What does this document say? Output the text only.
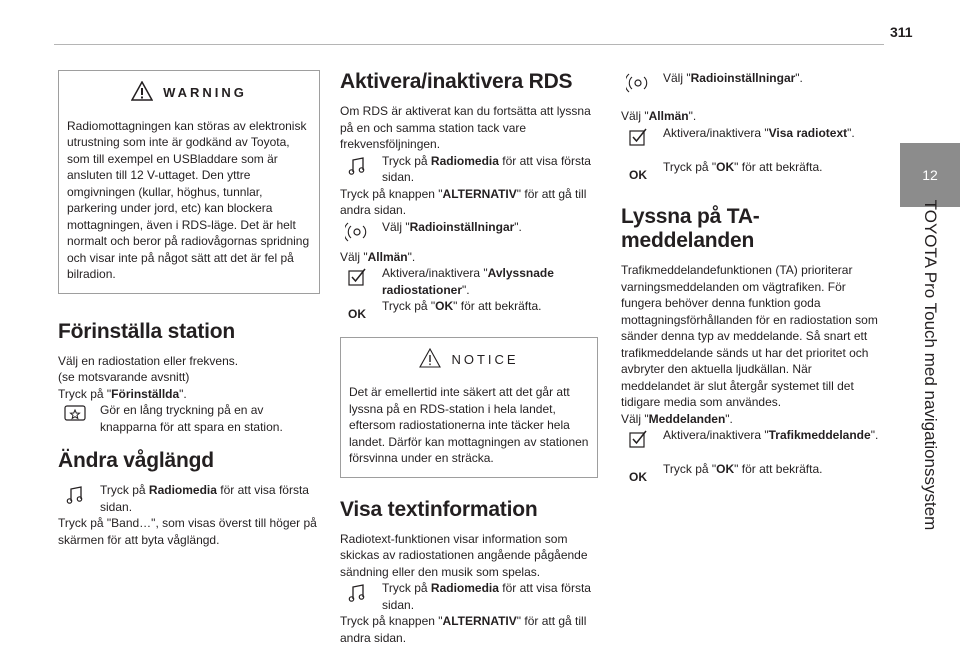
311
12
TOYOTA Pro Touch med navigationssystem
WARNING

Radiomottagningen kan störas av elektronisk utrustning som inte är godkänd av Toyota, som till exempel en USBladdare som är ansluten till 12 V-uttaget. Den yttre omgivningen (kullar, höghus, tunnlar, parkering under jord, etc) kan blockera mottagningen, även i RDS-läge. Det är helt normalt och beror på radiovågornas spridning och visar inte på något sätt att det är fel på bilradion.

Förinställa station

Välj en radiostation eller frekvens.

(se motsvarande avsnitt)

Tryck på "Förinställda".

Gör en lång tryckning på en av knapparna för att spara en station.
Ändra våglängd
Tryck på Radiomedia för att visa första sidan.

Tryck på "Band…", som visas överst till höger på skärmen för att byta våglängd.

Aktivera/inaktivera RDS

Om RDS är aktiverat kan du fortsätta att lyssna på en och samma station tack vare frekvensföljningen.

Tryck på Radiomedia för att visa första sidan.

Tryck på knappen "ALTERNATIV" för att gå till andra sidan.

Välj "Radioinställningar".

Välj "Allmän".

Aktivera/inaktivera "Avlyssnade radiostationer".
OK
Tryck på "OK" för att bekräfta.
NOTICE

Det är emellertid inte säkert att det går att lyssna på en RDS-station i hela landet, eftersom radiostationerna inte täcker hela landet. Därför kan mottagningen av stationen försvinna under en sträcka.

Visa textinformation

Radiotext-funktionen visar information som skickas av radiostationen angående pågående sändning eller den musik som spelas.

Tryck på Radiomedia för att visa första sidan.

Tryck på knappen "ALTERNATIV" för att gå till andra sidan.

Välj "Radioinställningar".

Välj "Allmän".

Aktivera/inaktivera "Visa radiotext".
OK
Tryck på "OK" för att bekräfta.
Lyssna på TA-meddelanden

Trafikmeddelandefunktionen (TA) prioriterar varningsmeddelanden om vägtrafiken. För fungera behöver denna funktion goda mottagningsförhållanden för en radiostation som sänder denna typ av meddelande. Så snart ett trafikmeddelande sänds ut har det prioritet och avbryter den aktuella ljudkällan. När meddelandet är slut återgår systemet till det tidigare media som användes.

Välj "Meddelanden".

Aktivera/inaktivera "Trafikmeddelande".
OK
Tryck på "OK" för att bekräfta.
